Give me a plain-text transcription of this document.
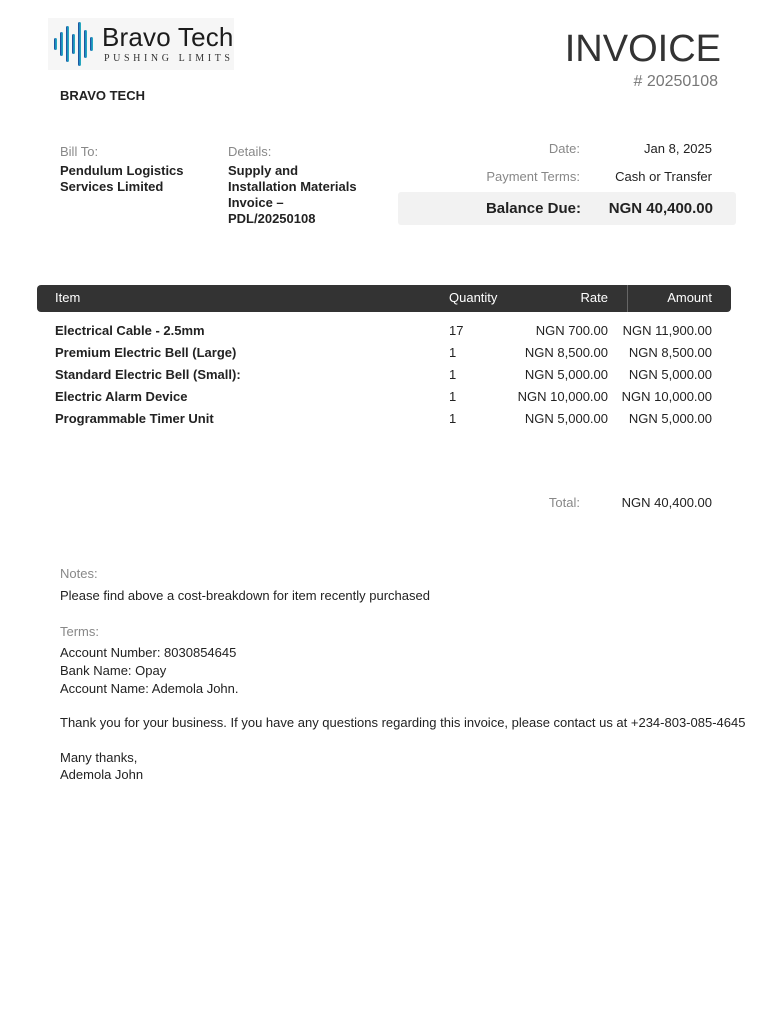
Bravo Tech
PUSHING LIMITS
BRAVO TECH
INVOICE
# 20250108
Bill To:
Pendulum Logistics
Services Limited
Details:
Supply and
Installation Materials
Invoice –
PDL/20250108
Date:	Jan 8, 2025
Payment Terms:	Cash or Transfer
Balance Due: NGN 40,400.00
Item	Quantity	Rate	Amount
Electrical Cable - 2.5mm	17	NGN 700.00 NGN 11,900.00
Premium Electric Bell (Large)	1	NGN 8,500.00 NGN 8,500.00
Standard Electric Bell (Small):	1	NGN 5,000.00 NGN 5,000.00
Electric Alarm Device	1	NGN 10,000.00 NGN 10,000.00
Programmable Timer Unit	1	NGN 5,000.00 NGN 5,000.00
Total:	NGN 40,400.00
Notes:
Please find above a cost-breakdown for item recently purchased
Terms:
Account Number: 8030854645
Bank Name: Opay
Account Name: Ademola John.
Thank you for your business. If you have any questions regarding this invoice, please contact us at +234-803-085-4645
Many thanks,
Ademola John
